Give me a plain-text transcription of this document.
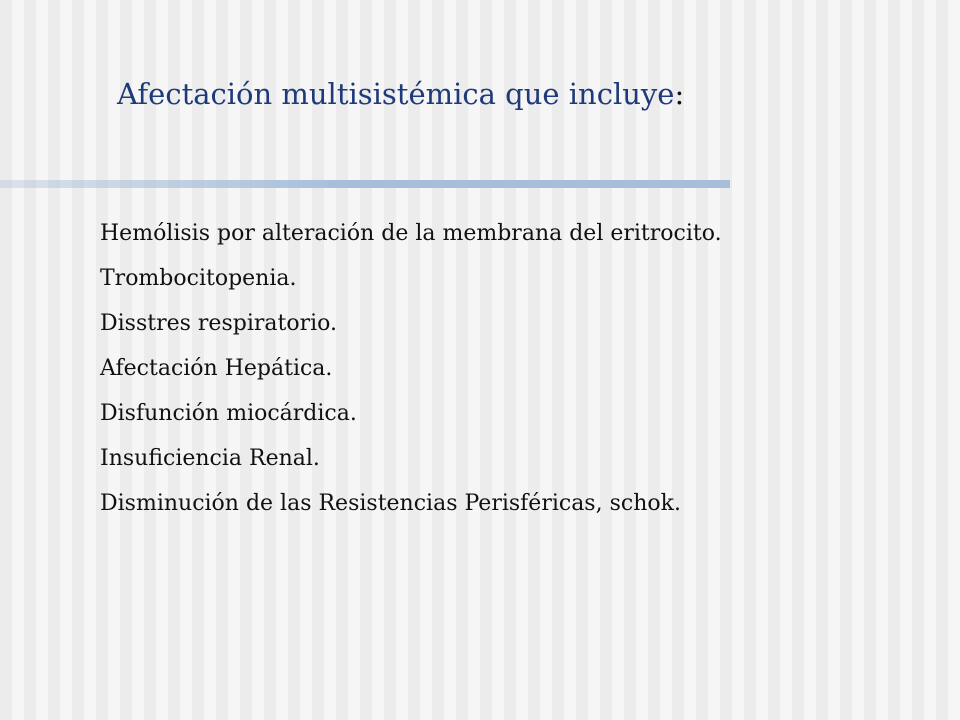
Afectación multisistémica que incluye:
Hemólisis por alteración de la membrana del eritrocito.
Trombocitopenia.
Disstres respiratorio.
Afectación Hepática.
Disfunción miocárdica.
Insuficiencia Renal.
Disminución de las Resistencias Perisféricas, schok.
